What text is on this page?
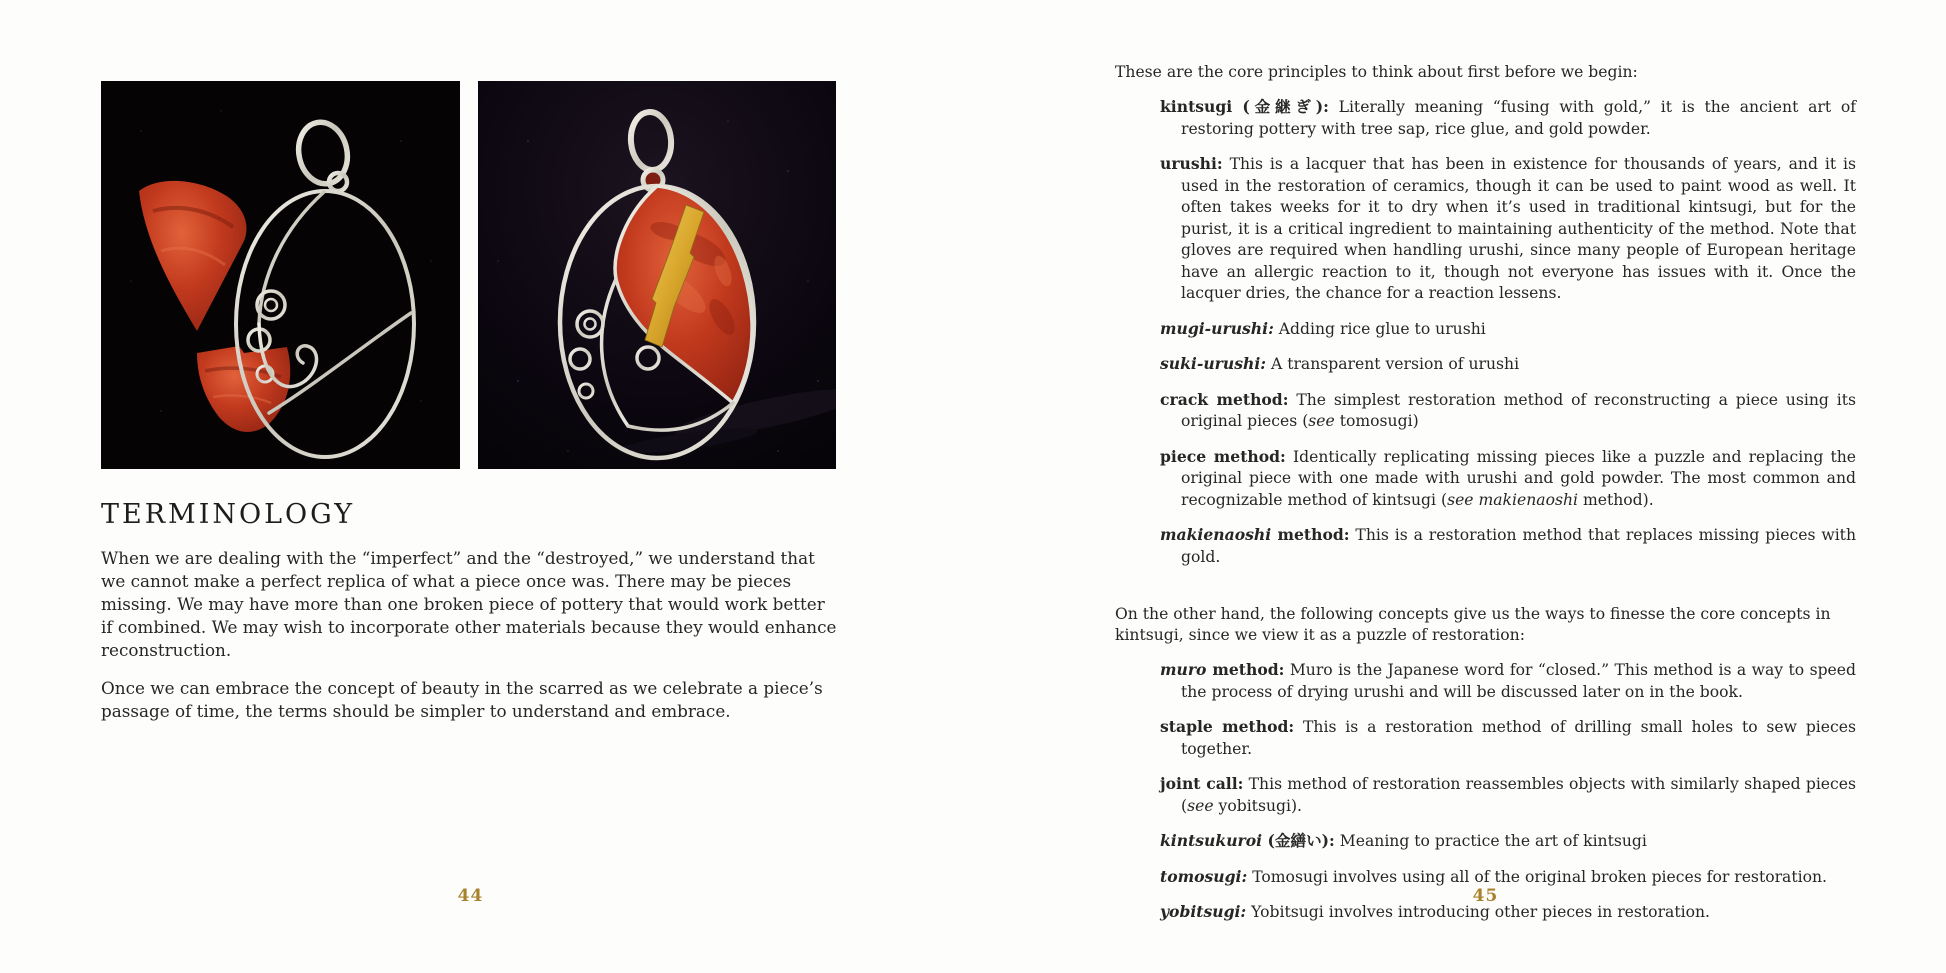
TERMINOLOGY

When we are dealing with the “imperfect” and the “destroyed,” we understand that we cannot make a perfect replica of what a piece once was. There may be pieces missing. We may have more than one broken piece of pottery that would work better if combined. We may wish to incorporate other materials because they would enhance reconstruction.

Once we can embrace the concept of beauty in the scarred as we celebrate a piece’s passage of time, the terms should be simpler to understand and embrace.

44

These are the core principles to think about first before we begin:

kintsugi (金継ぎ): Literally meaning “fusing with gold,” it is the ancient art of restoring pottery with tree sap, rice glue, and gold powder.
urushi: This is a lacquer that has been in existence for thousands of years, and it is used in the restoration of ceramics, though it can be used to paint wood as well. It often takes weeks for it to dry when it’s used in traditional kintsugi, but for the purist, it is a critical ingredient to maintaining authenticity of the method. Note that gloves are required when handling urushi, since many people of European heritage have an allergic reaction to it, though not everyone has issues with it. Once the lacquer dries, the chance for a reaction lessens.
mugi-urushi: Adding rice glue to urushi
suki-urushi: A transparent version of urushi
crack method: The simplest restoration method of reconstructing a piece using its original pieces (see tomosugi)
piece method: Identically replicating missing pieces like a puzzle and replacing the original piece with one made with urushi and gold powder. The most common and recognizable method of kintsugi (see makienaoshi method).
makienaoshi method: This is a restoration method that replaces missing pieces with gold.

On the other hand, the following concepts give us the ways to finesse the core concepts in kintsugi, since we view it as a puzzle of restoration:

muro method: Muro is the Japanese word for “closed.” This method is a way to speed the process of drying urushi and will be discussed later on in the book.
staple method: This is a restoration method of drilling small holes to sew pieces together.
joint call: This method of restoration reassembles objects with similarly shaped pieces (see yobitsugi).
kintsukuroi (金繕い): Meaning to practice the art of kintsugi
tomosugi: Tomosugi involves using all of the original broken pieces for restoration.
yobitsugi: Yobitsugi involves introducing other pieces in restoration.
45
